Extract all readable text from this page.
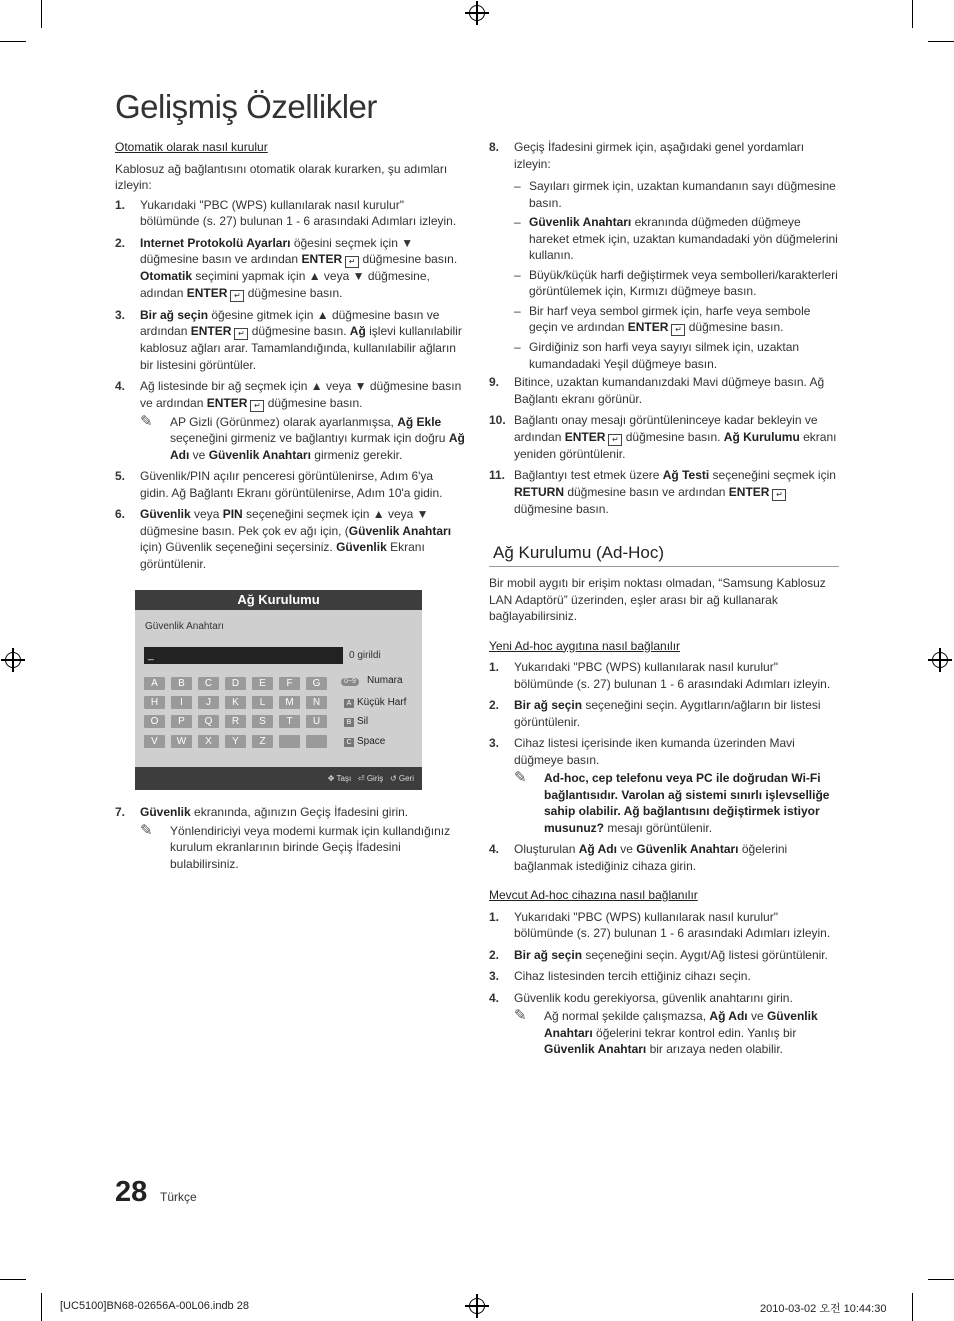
Gelişmiş Özellikler

Otomatik olarak nasıl kurulur

Kablosuz ağ bağlantısını otomatik olarak kurarken, şu adımları izleyin:

1. Yukarıdaki "PBC (WPS) kullanılarak nasıl kurulur" bölümünde (s. 27) bulunan 1 - 6 arasındaki Adımları izleyin.
2. Internet Protokolü Ayarları öğesini seçmek için ▼ düğmesine basın ve ardından ENTER ↵ düğmesine basın. Otomatik seçimini yapmak için ▲ veya ▼ düğmesine, adından ENTER ↵ düğmesine basın.
3. Bir ağ seçin öğesine gitmek için ▲ düğmesine basın ve ardından ENTER ↵ düğmesine basın. Ağ işlevi kullanılabilir kablosuz ağları arar. Tamamlandığında, kullanılabilir ağların bir listesini görüntüler.
4. Ağ listesinde bir ağ seçmek için ▲ veya ▼ düğmesine basın ve ardından ENTER ↵ düğmesine basın.
✎ AP Gizli (Görünmez) olarak ayarlanmışsa, Ağ Ekle seçeneğini girmeniz ve bağlantıyı kurmak için doğru Ağ Adı ve Güvenlik Anahtarı girmeniz gerekir.
5. Güvenlik/PIN açılır penceresi görüntülenirse, Adım 6'ya gidin. Ağ Bağlantı Ekranı görüntülenirse, Adım 10'a gidin.
6. Güvenlik veya PIN seçeneğini seçmek için ▲ veya ▼ düğmesine basın. Pek çok ev ağı için, (Güvenlik Anahtarı için) Güvenlik seçeneğini seçersiniz. Güvenlik Ekranı görüntülenir.
Ağ Kurulumu
Güvenlik Anahtarı
_	0 girildi
A	B	C	D	E	F	G
H	I	J	K	L	M	N
O	P	Q	R	S	T	U
V	W	X	Y	Z
0~9 Numara
A Küçük Harf
B Sil
C Space
✥ Taşı ⏎ Giriş ↺ Geri
7. Güvenlik ekranında, ağınızın Geçiş İfadesini girin.
✎ Yönlendiriciyi veya modemi kurmak için kullandığınız kurulum ekranlarının birinde Geçiş İfadesini bulabilirsiniz.
8. Geçiş İfadesini girmek için, aşağıdaki genel yordamları izleyin:
– Sayıları girmek için, uzaktan kumandanın sayı düğmesine basın.
– Güvenlik Anahtarı ekranında düğmeden düğmeye hareket etmek için, uzaktan kumandadaki yön düğmelerini kullanın.
– Büyük/küçük harfi değiştirmek veya sembolleri/karakterleri görüntülemek için, Kırmızı düğmeye basın.
– Bir harf veya sembol girmek için, harfe veya sembole geçin ve ardından ENTER ↵ düğmesine basın.
– Girdiğiniz son harfi veya sayıyı silmek için, uzaktan kumandadaki Yeşil düğmeye basın.
9. Bitince, uzaktan kumandanızdaki Mavi düğmeye basın. Ağ Bağlantı ekranı görünür.
10. Bağlantı onay mesajı görüntüleninceye kadar bekleyin ve ardından ENTER ↵ düğmesine basın. Ağ Kurulumu ekranı yeniden görüntülenir.
11. Bağlantıyı test etmek üzere Ağ Testi seçeneğini seçmek için RETURN düğmesine basın ve ardından ENTER ↵ düğmesine basın.
Ağ Kurulumu (Ad-Hoc)

Bir mobil aygıtı bir erişim noktası olmadan, “Samsung Kablosuz LAN Adaptörü” üzerinden, eşler arası bir ağ kullanarak bağlayabilirsiniz.

Yeni Ad-hoc aygıtına nasıl bağlanılır

1. Yukarıdaki "PBC (WPS) kullanılarak nasıl kurulur" bölümünde (s. 27) bulunan 1 - 6 arasındaki Adımları izleyin.
2. Bir ağ seçin seçeneğini seçin. Aygıtların/ağların bir listesi görüntülenir.
3. Cihaz listesi içerisinde iken kumanda üzerinden Mavi düğmeye basın.
✎ Ad-hoc, cep telefonu veya PC ile doğrudan Wi-Fi bağlantısıdır. Varolan ağ sistemi sınırlı işlevselliğe sahip olabilir. Ağ bağlantısını değiştirmek istiyor musunuz? mesajı görüntülenir.
4. Oluşturulan Ağ Adı ve Güvenlik Anahtarı öğelerini bağlanmak istediğiniz cihaza girin.

Mevcut Ad-hoc cihazına nasıl bağlanılır

1. Yukarıdaki "PBC (WPS) kullanılarak nasıl kurulur" bölümünde (s. 27) bulunan 1 - 6 arasındaki Adımları izleyin.
2. Bir ağ seçin seçeneğini seçin. Aygıt/Ağ listesi görüntülenir.
3. Cihaz listesinden tercih ettiğiniz cihazı seçin.
4. Güvenlik kodu gerekiyorsa, güvenlik anahtarını girin.
✎ Ağ normal şekilde çalışmazsa, Ağ Adı ve Güvenlik Anahtarı öğelerini tekrar kontrol edin. Yanlış bir Güvenlik Anahtarı bir arızaya neden olabilir.
28 Türkçe
[UC5100]BN68-02656A-00L06.indb 28	2010-03-02 오전 10:44:30
